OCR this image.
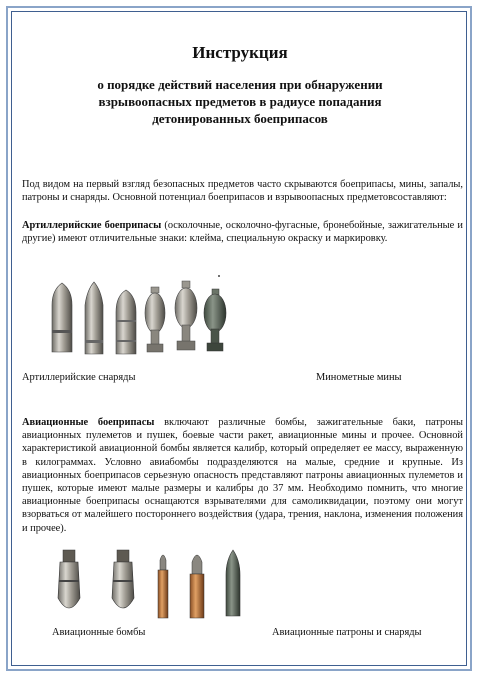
Инструкция
о порядке действий населения при обнаружении взрывоопасных предметов в радиусе попадания детонированных боеприпасов
Под видом на первый взгляд безопасных предметов часто скрываются боеприпасы, мины, запалы, патроны и снаряды. Основной потенциал боеприпасов и взрывоопасных предметовсоставляют:
Артиллерийские боеприпасы (осколочные, осколочно-фугасные, бронебойные, зажигательные и другие) имеют отличительные знаки: клейма, специальную окраску и маркировку.
Артиллерийские снаряды	Минометные мины
Авиационные боеприпасы включают различные бомбы, зажигательные баки, патроны авиационных пулеметов и пушек, боевые части ракет, авиационные мины и прочее. Основной характеристикой авиационной бомбы является калибр, который определяет ее массу, выраженную в килограммах. Условно авиабомбы подразделяются на малые, средние и крупные. Из авиационных боеприпасов серьезную опасность представляют патроны авиационных пулеметов и пушек, которые имеют малые размеры и калибры до 37 мм. Необходимо помнить, что многие авиационные боеприпасы оснащаются взрывателями для самоликвидации, поэтому они могут взорваться от малейшего постороннего воздействия (удара, трения, наклона, изменения положения и прочее).
Авиационные бомбы	Авиационные патроны и снаряды
